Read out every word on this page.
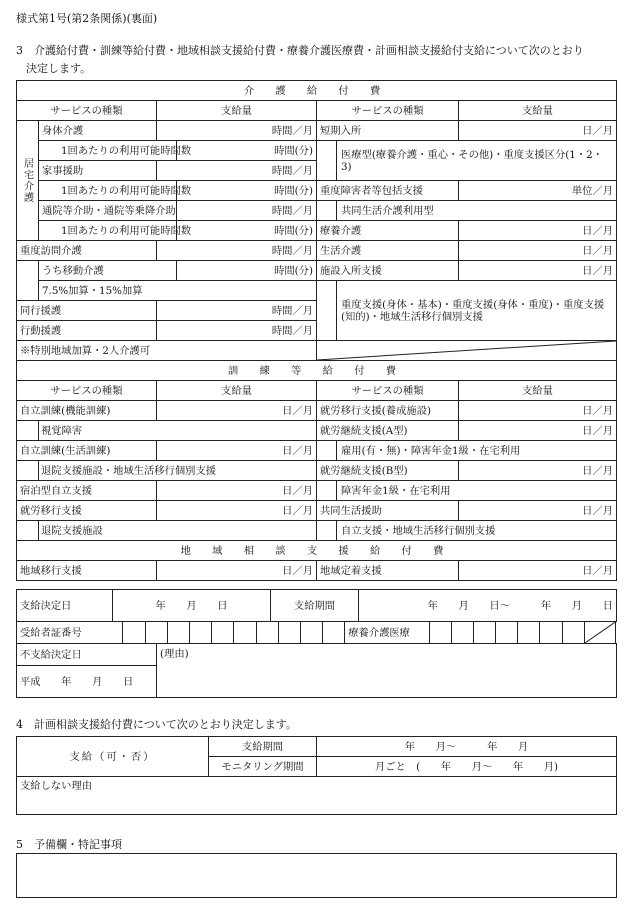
様式第1号(第2条関係)(裏面)
3　介護給付費・訓練等給付費・地域相談支援給付費・療養介護医療費・計画相談支援給付支給について次のとおり
決定します。
介 護 給 付 費						
サービスの種類		支給量		サービスの種類		支給量
居宅介護	身体介護	時間／月		短期入所		日／月
	1回あたりの利用可能時間数		時間(分)		医療型(療養介護・重心・その他)・重度支援区分(1・2・3)	
	家事援助	時間／月				
	1回あたりの利用可能時間数		時間(分)	重度障害者等包括支援		単位／月
	通院等介助・通院等乗降介助		時間／月		共同生活介護利用型	
	1回あたりの利用可能時間数		時間(分)	療養介護		日／月
重度訪問介護		時間／月		生活介護		日／月
	うち移動介護		時間(分)	施設入所支援		日／月
	7.5%加算・15%加算				重度支援(身体・基本)・重度支援(身体・重度)・重度支援(知的)・地域生活移行個別支援	
同行援護		時間／月				
行動援護		時間／月				
※特別地域加算・2人介護可	

訓 練 等 給 付 費						
サービスの種類		支給量		サービスの種類		支給量
自立訓練(機能訓練)		日／月		就労移行支援(養成施設)		日／月
	視覚障害			就労継続支援(A型)		日／月
自立訓練(生活訓練)		日／月			雇用(有・無)・障害年金1級・在宅利用	
	退院支援施設・地域生活移行個別支援			就労継続支援(B型)		日／月
宿泊型自立支援		日／月			障害年金1級・在宅利用	
就労移行支援		日／月		共同生活援助		日／月
	退院支援施設				自立支援・地域生活移行個別支援	
地 域 相 談 支 援 給 付 費						
地域移行支援		日／月		地域定着支援		日／月
支給決定日	年　　月　　日	支給期間	年　　月　　日～　　　年　　月　　日
受給者証番号											療養介護医療								
不支給決定日	(理由)
平成　　年　　月　　日
4　計画相談支援給付費について次のとおり決定します。
支給（可・否）	支給期間	年　　月～　　　年　　月
	モニタリング期間	月ごと　(　　年　　月～　　年　　月)
支給しない理由		
5　予備欄・特記事項
